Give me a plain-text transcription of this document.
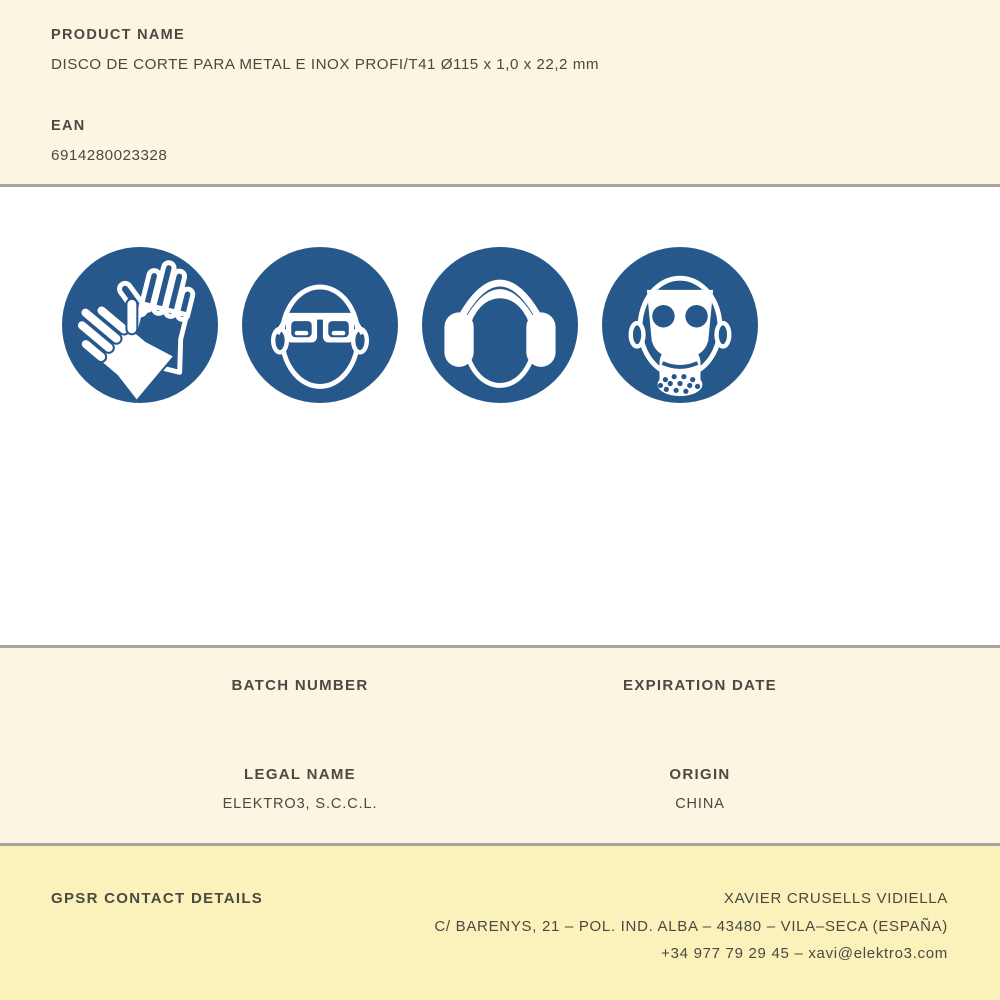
PRODUCT NAME
DISCO DE CORTE PARA METAL E INOX PROFI/T41 Ø115 x 1,0 x 22,2 mm
EAN
6914280023328
BATCH NUMBER	EXPIRATION DATE
LEGAL NAME
ELEKTRO3, S.C.C.L.
ORIGIN
CHINA
GPSR CONTACT DETAILS	XAVIER CRUSELLS VIDIELLA
C/ BARENYS, 21 – POL. IND. ALBA – 43480 – VILA–SECA (ESPAÑA)
+34 977 79 29 45 – xavi@elektro3.com
